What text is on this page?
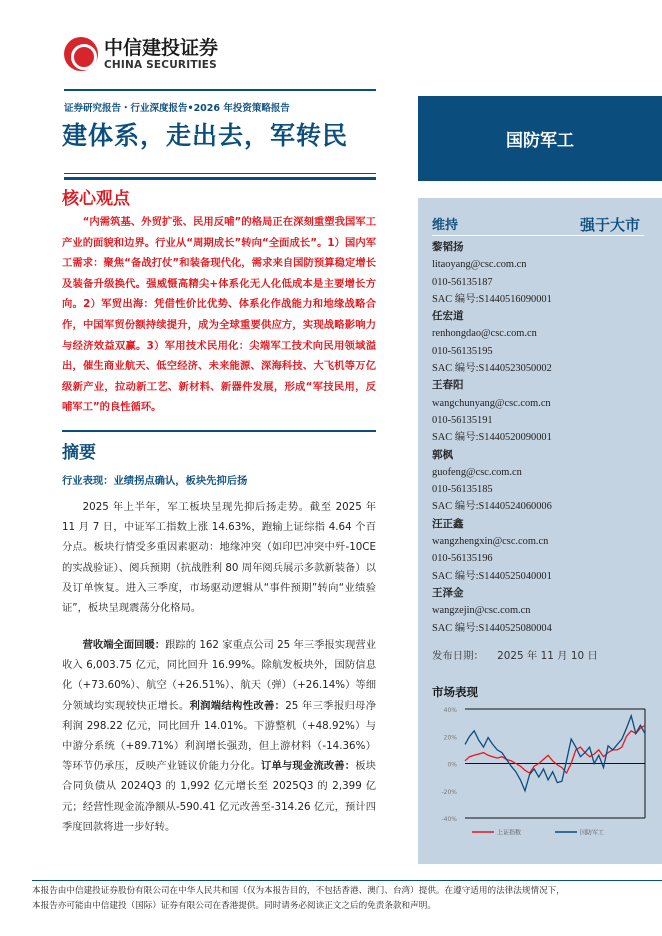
中信建投证券
CHINA SECURITIES
证券研究报告・行业深度报告•2026 年投资策略报告
建体系，走出去，军转民	国防军工
核心观点
“内需筑基、外贸扩张、民用反哺”的格局正在深刻重塑我国军工产业的面貌和边界。行业从“周期成长”转向“全面成长”。1）国内军工需求：聚焦“备战打仗”和装备现代化，需求来自国防预算稳定增长及装备升级换代。强威慑高精尖+体系化无人化低成本是主要增长方向。2）军贸出海：凭借性价比优势、体系化作战能力和地缘战略合作，中国军贸份额持续提升，成为全球重要供应方，实现战略影响力与经济效益双赢。3）军用技术民用化：尖端军工技术向民用领域溢出，催生商业航天、低空经济、未来能源、深海科技、大飞机等万亿级新产业，拉动新工艺、新材料、新器件发展，形成“军技民用，反哺军工”的良性循环。
摘要
行业表现：业绩拐点确认，板块先抑后扬
2025 年上半年，军工板块呈现先抑后扬走势。截至 2025 年 11 月 7 日，中证军工指数上涨 14.63%，跑输上证综指 4.64 个百分点。板块行情受多重因素驱动：地缘冲突（如印巴冲突中歼-10CE 的实战验证）、阅兵预期（抗战胜利 80 周年阅兵展示多款新装备）以及订单恢复。进入三季度，市场驱动逻辑从“事件预期”转向“业绩验证”，板块呈现震荡分化格局。
营收端全面回暖：跟踪的 162 家重点公司 25 年三季报实现营业收入 6,003.75 亿元，同比回升 16.99%。除航发板块外，国防信息化（+73.60%）、航空（+26.51%）、航天（弹）（+26.14%）等细分领域均实现较快正增长。利润端结构性改善：25 年三季报归母净利润 298.22 亿元，同比回升 14.01%。下游整机（+48.92%）与中游分系统（+89.71%）利润增长强劲，但上游材料（-14.36%）等环节仍承压，反映产业链议价能力分化。订单与现金流改善：板块合同负债从 2024Q3 的 1,992 亿元增长至 2025Q3 的 2,399 亿元；经营性现金流净额从-590.41 亿元改善至-314.26 亿元，预计四季度回款将进一步好转。
维持	强于大市
黎韬扬
litaoyang@csc.com.cn
010-56135187
SAC 编号:S1440516090001
任宏道
renhongdao@csc.com.cn
010-56135195
SAC 编号:S1440523050002
王春阳
wangchunyang@csc.com.cn
010-56135191
SAC 编号:S1440520090001
郭枫
guofeng@csc.com.cn
010-56135185
SAC 编号:S1440524060006
汪正鑫
wangzhengxin@csc.com.cn
010-56135196
SAC 编号:S1440525040001
王泽金
wangzejin@csc.com.cn
SAC 编号:S1440525080004
发布日期： 2025 年 11 月 10 日
市场表现
40%
20%
0%
-20%
-40%
上证指数	国防军工
本报告由中信建投证券股份有限公司在中华人民共和国（仅为本报告目的，不包括香港、澳门、台湾）提供。在遵守适用的法律法规情况下，
本报告亦可能由中信建投（国际）证券有限公司在香港提供。同时请务必阅读正文之后的免责条款和声明。
